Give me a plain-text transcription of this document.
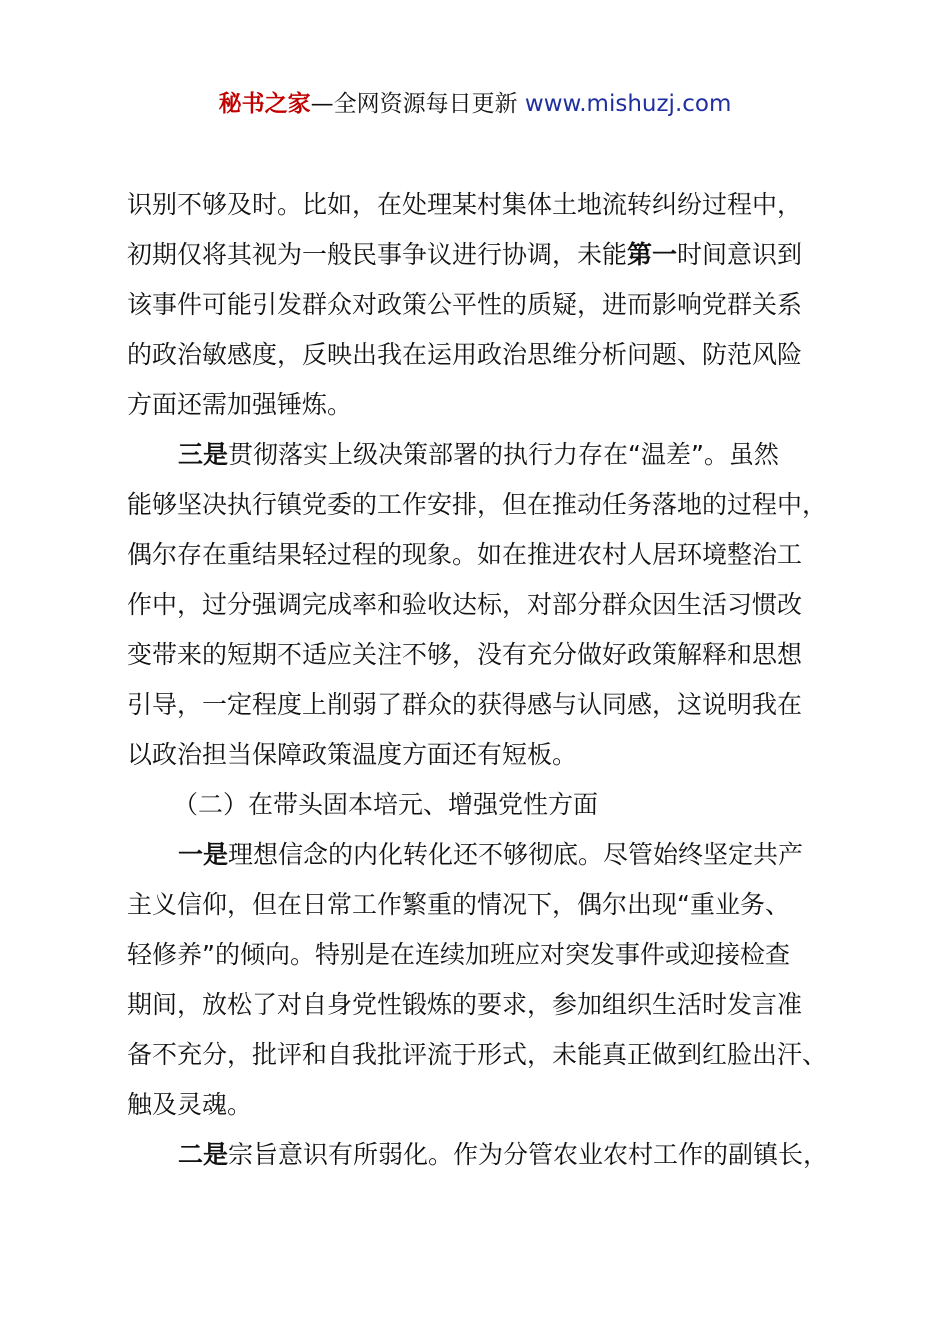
秘书之家—全网资源每日更新 www.mishuzj.com
识别不够及时。比如，在处理某村集体土地流转纠纷过程中，
初期仅将其视为一般民事争议进行协调，未能第一时间意识到
该事件可能引发群众对政策公平性的质疑，进而影响党群关系
的政治敏感度，反映出我在运用政治思维分析问题、防范风险
方面还需加强锤炼。
三是贯彻落实上级决策部署的执行力存在“温差”。虽然
能够坚决执行镇党委的工作安排，但在推动任务落地的过程中，
偶尔存在重结果轻过程的现象。如在推进农村人居环境整治工
作中，过分强调完成率和验收达标，对部分群众因生活习惯改
变带来的短期不适应关注不够，没有充分做好政策解释和思想
引导，一定程度上削弱了群众的获得感与认同感，这说明我在
以政治担当保障政策温度方面还有短板。
（二）在带头固本培元、增强党性方面
一是理想信念的内化转化还不够彻底。尽管始终坚定共产
主义信仰，但在日常工作繁重的情况下，偶尔出现“重业务、
轻修养”的倾向。特别是在连续加班应对突发事件或迎接检查
期间，放松了对自身党性锻炼的要求，参加组织生活时发言准
备不充分，批评和自我批评流于形式，未能真正做到红脸出汗、
触及灵魂。
二是宗旨意识有所弱化。作为分管农业农村工作的副镇长，
